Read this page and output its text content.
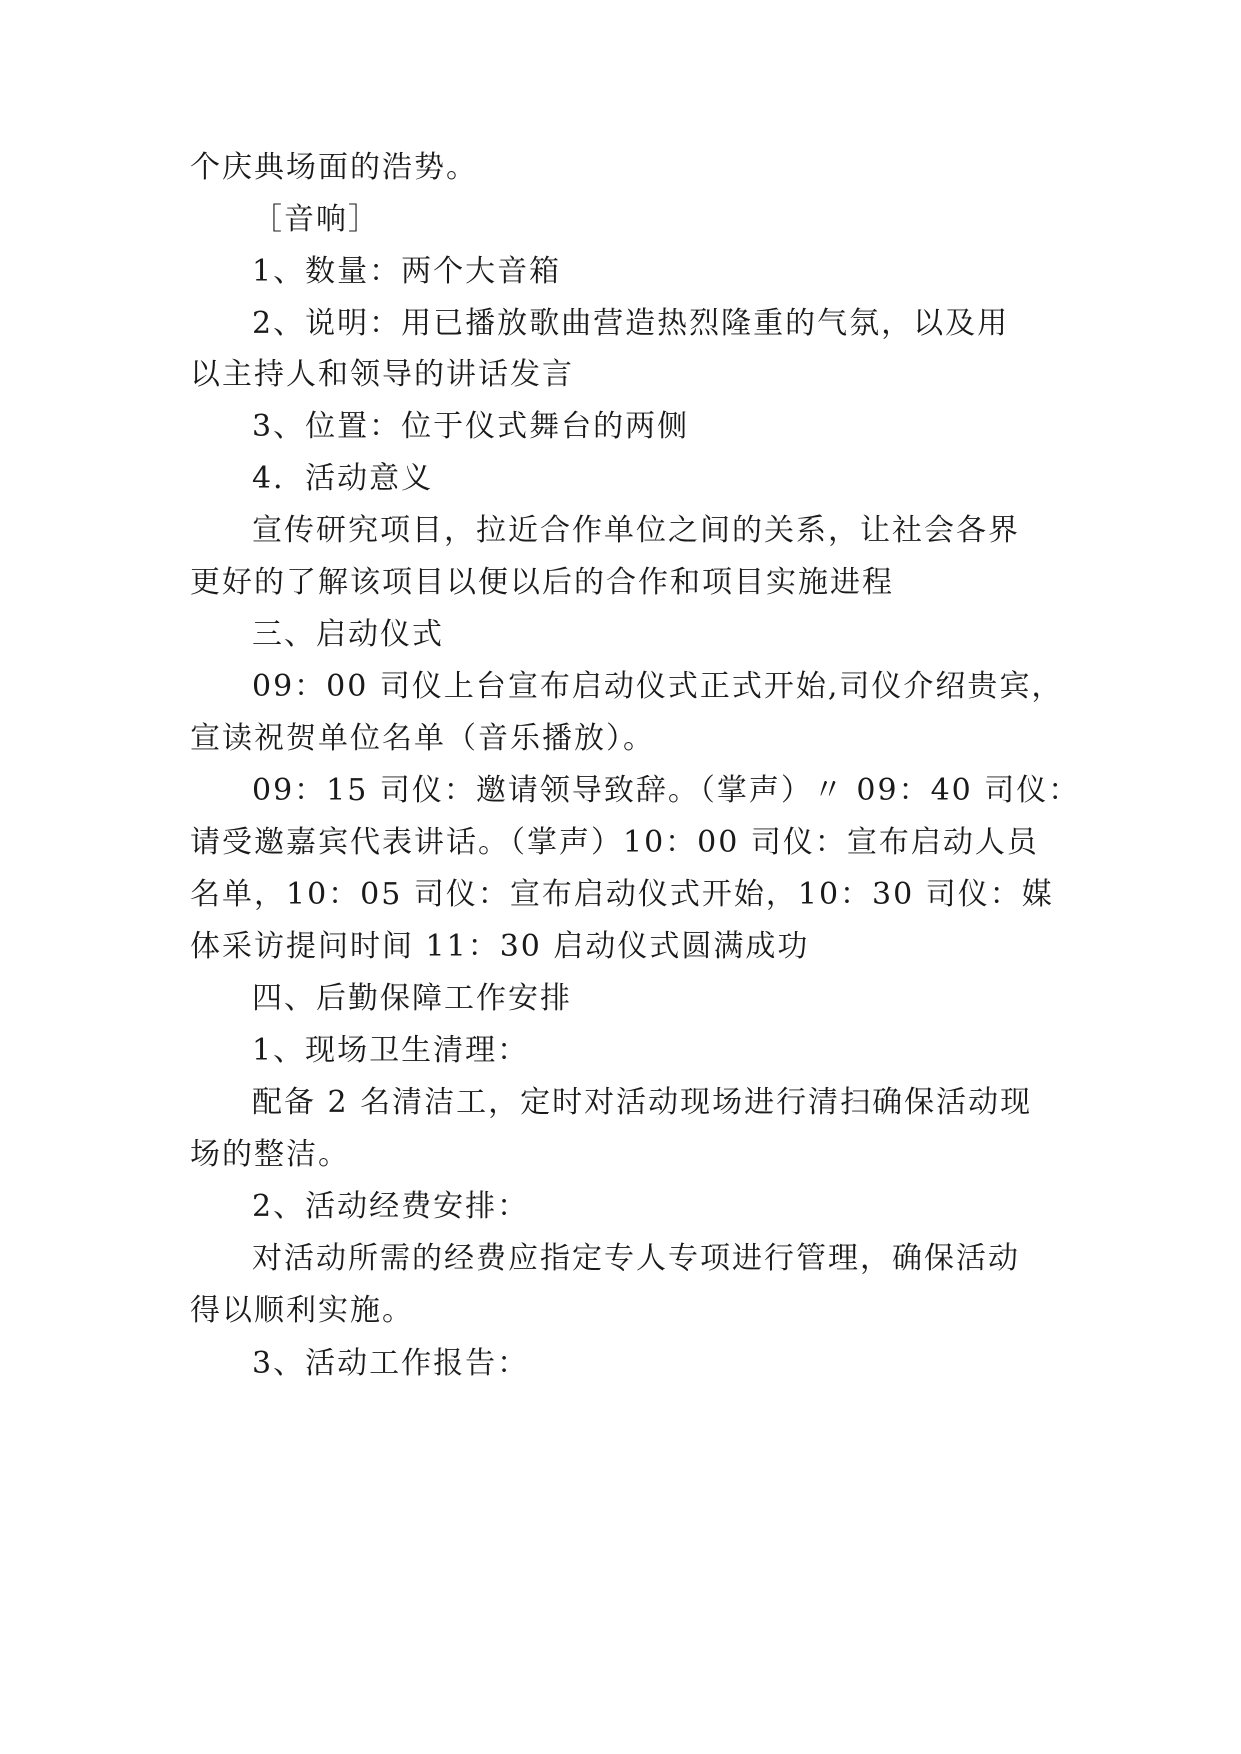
个庆典场面的浩势。
［音响］
1、数量：两个大音箱
2、说明：用已播放歌曲营造热烈隆重的气氛，以及用
以主持人和领导的讲话发言
3、位置：位于仪式舞台的两侧
4．活动意义
宣传研究项目，拉近合作单位之间的关系，让社会各界
更好的了解该项目以便以后的合作和项目实施进程
三、启动仪式
09：00 司仪上台宣布启动仪式正式开始,司仪介绍贵宾，
宣读祝贺单位名单（音乐播放）。
09：15 司仪：邀请领导致辞。（掌声）〃 09：40 司仪：
请受邀嘉宾代表讲话。（掌声）10：00 司仪：宣布启动人员
名单，10：05 司仪：宣布启动仪式开始，10：30 司仪：媒
体采访提问时间 11：30 启动仪式圆满成功
四、后勤保障工作安排
1、现场卫生清理：
配备 2 名清洁工，定时对活动现场进行清扫确保活动现
场的整洁。
2、活动经费安排：
对活动所需的经费应指定专人专项进行管理，确保活动
得以顺利实施。
3、活动工作报告：
